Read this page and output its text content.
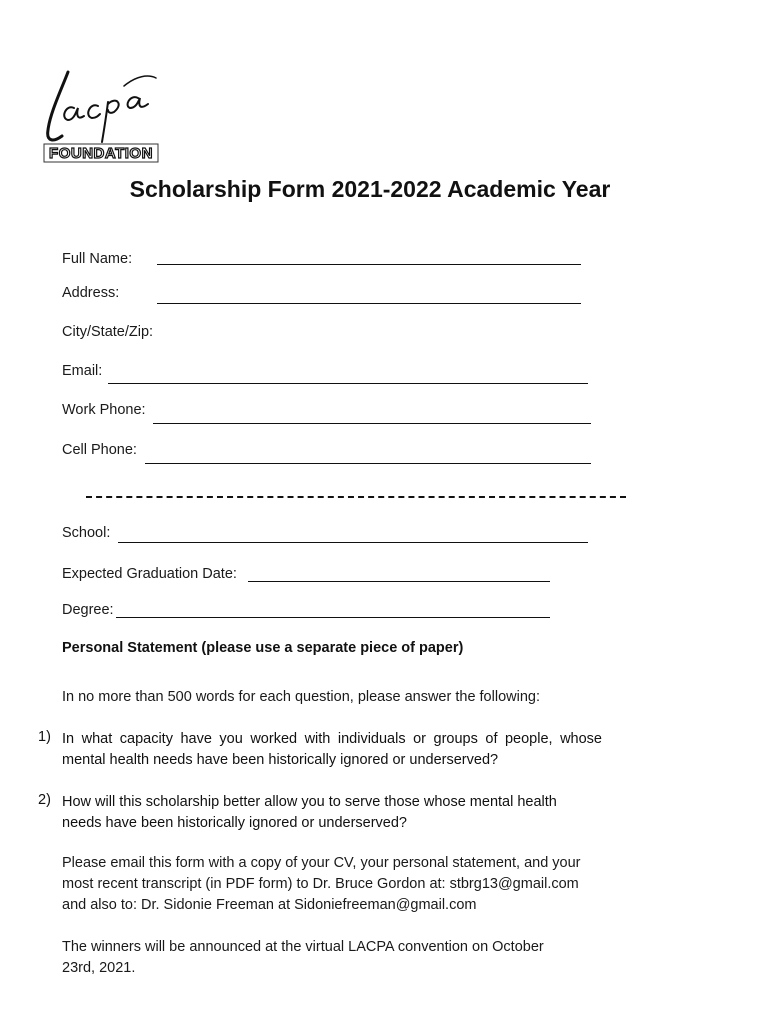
FOUNDATION
Scholarship Form 2021-2022 Academic Year
Full Name:
Address:
City/State/Zip:
Email:
Work Phone:
Cell Phone:
School:
Expected Graduation Date:
Degree:
Personal Statement (please use a separate piece of paper)
In no more than 500 words for each question, please answer the following:
1) In what capacity have you worked with individuals or groups of people, whose
mental health needs have been historically ignored or underserved?
2) How will this scholarship better allow you to serve those whose mental health
needs have been historically ignored or underserved?
Please email this form with a copy of your CV, your personal statement, and your
most recent transcript (in PDF form) to Dr. Bruce Gordon at: stbrg13@gmail.com
and also to: Dr. Sidonie Freeman at Sidoniefreeman@gmail.com
The winners will be announced at the virtual LACPA convention on October
23rd, 2021.
